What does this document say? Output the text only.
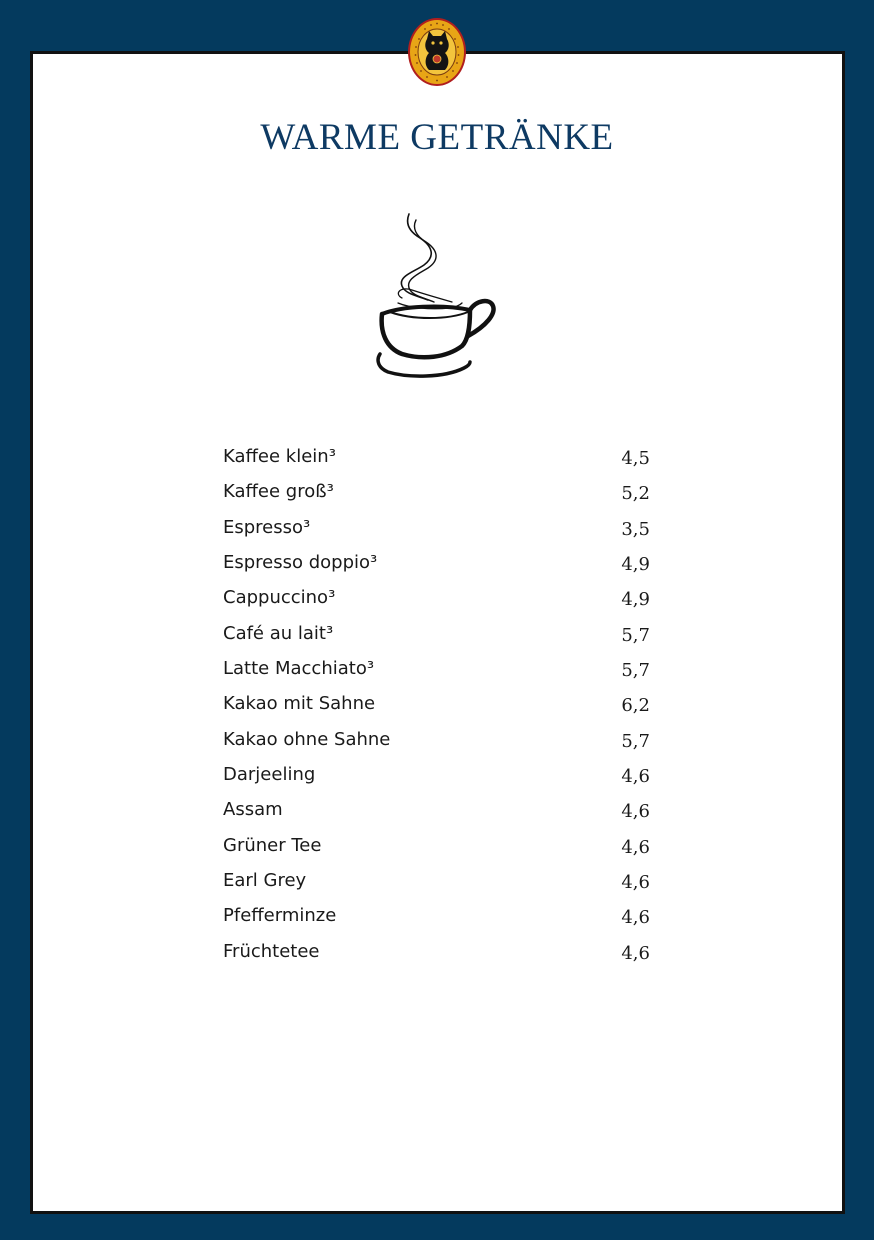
WARME GETRÄNKE
Kaffee klein³	4,5
Kaffee groß³	5,2
Espresso³	3,5
Espresso doppio³	4,9
Cappuccino³	4,9
Café au lait³	5,7
Latte Macchiato³	5,7
Kakao mit Sahne	6,2
Kakao ohne Sahne	5,7
Darjeeling	4,6
Assam	4,6
Grüner Tee	4,6
Earl Grey	4,6
Pfefferminze	4,6
Früchtetee	4,6
